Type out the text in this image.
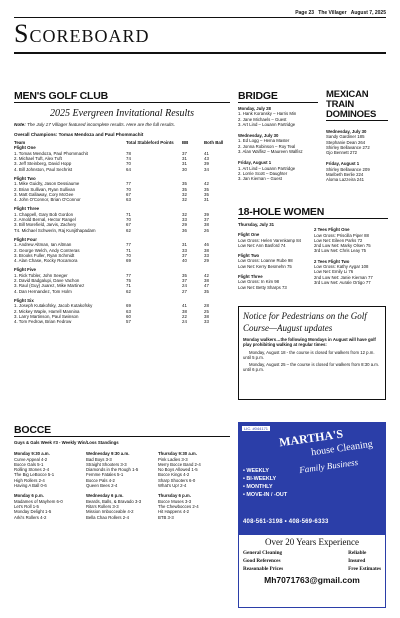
Page 23 The Villager August 7, 2025
Scoreboard
MEN'S GOLF CLUB
2025 Evergreen Invitational Results
Note: The July 17 Villager featured incomplete results. Here are the full results.
Overall Champions: Tomas Mendoza and Paul Phommachit
Team	Total Stableford Points	BB	Both Ball
Flight One			
1. Tomas Mendoza, Paul Phommachit	78	37	41
2. Michael Tuft, Alex Tuft	74	31	43
3. Jeff Steinberg, David Hopp	70	31	39
4. Bill Johnston, Paul Sechrist	64	30	34
Flight Two			
1. Mike Guidry, Jason Dessiaume	77	35	42
2. Brian Sullivan, Ryan Sullivan	70	35	35
3. Matt Gallaway, Cory McGee	67	32	35
4. John O'Connor, Brian O'Connor	63	32	31
Flight Three			
1. Chappell, Gary Bob Gordon	71	32	39
2. Arnold Bernal, Hector Rangel	70	33	37
3. Bill Morefield, Jarvis, Zachery	67	29	38
T4. Michael Schwerin, Raj Kunjithapadam	62	36	26
Flight Four			
1. Andrew Altman, Ian Altman	77	31	46
2. George Welch, Andy Contreras	71	33	38
3. Brooks Fuller, Ryan Schmidt	70	37	33
4. Alan Chase, Rocky Rocamora	69	40	29
Flight Five			
1. Rick Tobler, John Seeger	77	35	42
2. David Badgalupi, Dave Vachon	75	37	38
3. Raul (Guy) Juarez, Mike Martinez	71	24	47
4. Dan Hernandez, Tom Holm	62	27	35
Flight Six			
1. Joseph Kutakofsky, Jacob Kutakofsky	69	41	28
2. Mickey Waple, Harrell Mannina	63	38	25
3. Larry Martinson, Paul Swinson	60	22	38
4. Tom Fedrow, Brian Fedrow	57	24	33
BOCCE
Guys & Gals Week #3 - Weekly Win/Loss Standings
Monday 9:30 a.m.
Curve Appeal 4-2
Bocce Gals 5-1
Rolling Stones 2-4
The Big LeBocce 5-1
High Rollers 2-4
Having A Ball 0-6
Wednesday 9:30 a.m.
Bad Boys 3-3
Straight Shooters 3-3
Diamonds in the Rough 1-5
Femme Fatales 5-1
Bocce Pals 4-2
Queen Bees 2-4
Thursday 9:30 a.m.
Pink Ladies 3-3
Merry Bocce Band 2-4
No Boys Allowed 1-5
Bocce Kings 4-2
Sharp Shooters 6-0
What's Up! 2-4
Monday 6 p.m.
Madames of Mayhem 6-0
Let's Roll 1-5
Monday Delight 1-5
Arki's Rollers 4-2
Wednesday 6 p.m.
Beards, Balls, & Bravado 3-3
Rita's Rollers 3-3
Mission Imbocceable 4-2
Bella Chao Rollers 2-4
Thursday 6 p.m.
Bocce Muses 3-3
The Chewbocces 2-4
Hit Happens 4-2
BTB 3-3
BRIDGE
Monday, July 28
1. Hank Koransky – Harris Min
2. Jane Michaels – Guest
3. Art Lind – Louann Partridge
Wednesday, July 30
1. Ed Logg – Hema Master
2. Jonna Robinson – Roy Teal
3. Alan Walfisz – Maureen Walfisz
Friday, August 1
1. Art Lind – Louann Partridge
2. Lorrie Scott – Daughter
3. Jan Kiernan – Guest
MEXICAN TRAIN DOMINOES
Wednesday, July 30
Sandy Gardiner 185
Stephanie Dean 264
Shirley Bellavance 272
Gjo Bennett 272
Friday, August 1
Shirley Bellavance 209
Maribeth Berlie 224
Aloma Lazzeira 241
18-HOLE WOMEN
Thursday, July 31
Flight One
Low Gross: Helen Varenkamp 84
Low Net: Ann Basford 74
Flight Two
Low Gross: Loanne Rube 98
Low Net: Kerry Besmehn 75
Flight Three
Low Gross: In Kim 98
Low Net: Betty Sharps 73
2 Tees Flight One
Low Gross: Priscilla Piper 88
Low Net: Eileen Parks 72
2nd Low Net: Marky Olsen 75
3rd Low Net: Chris Leay 75
2 Tees Flight Two
Low Gross: Kathy Aygar 108
Low Net: Emily Li 76
2nd Low Net: Janie Kiernan 77
3rd Low Net: Aurale Ortigo 77
Notice for Pedestrians on the Golf Course—August updates
Monday walkers…the following Mondays in August will have golf play prohibiting walking at regular times:
Monday, August 18 - the course is closed for walkers from 12 p.m. until 5 p.m.
Monday, August 25 – the course is closed for walkers from 8:30 a.m. until 6 p.m.
LIC. #044171 MARTHA'S
house Cleaning
Family Business
• WEEKLY
• BI-WEEKLY
• MONTHLY
• MOVE-IN / -OUT
408-561-3198 • 408-569-6333
Over 20 Years Experience
General Cleaning
Good References
Reasonable Prices
Reliable
Insured
Free Estimates
Mh7071763@gmail.com
